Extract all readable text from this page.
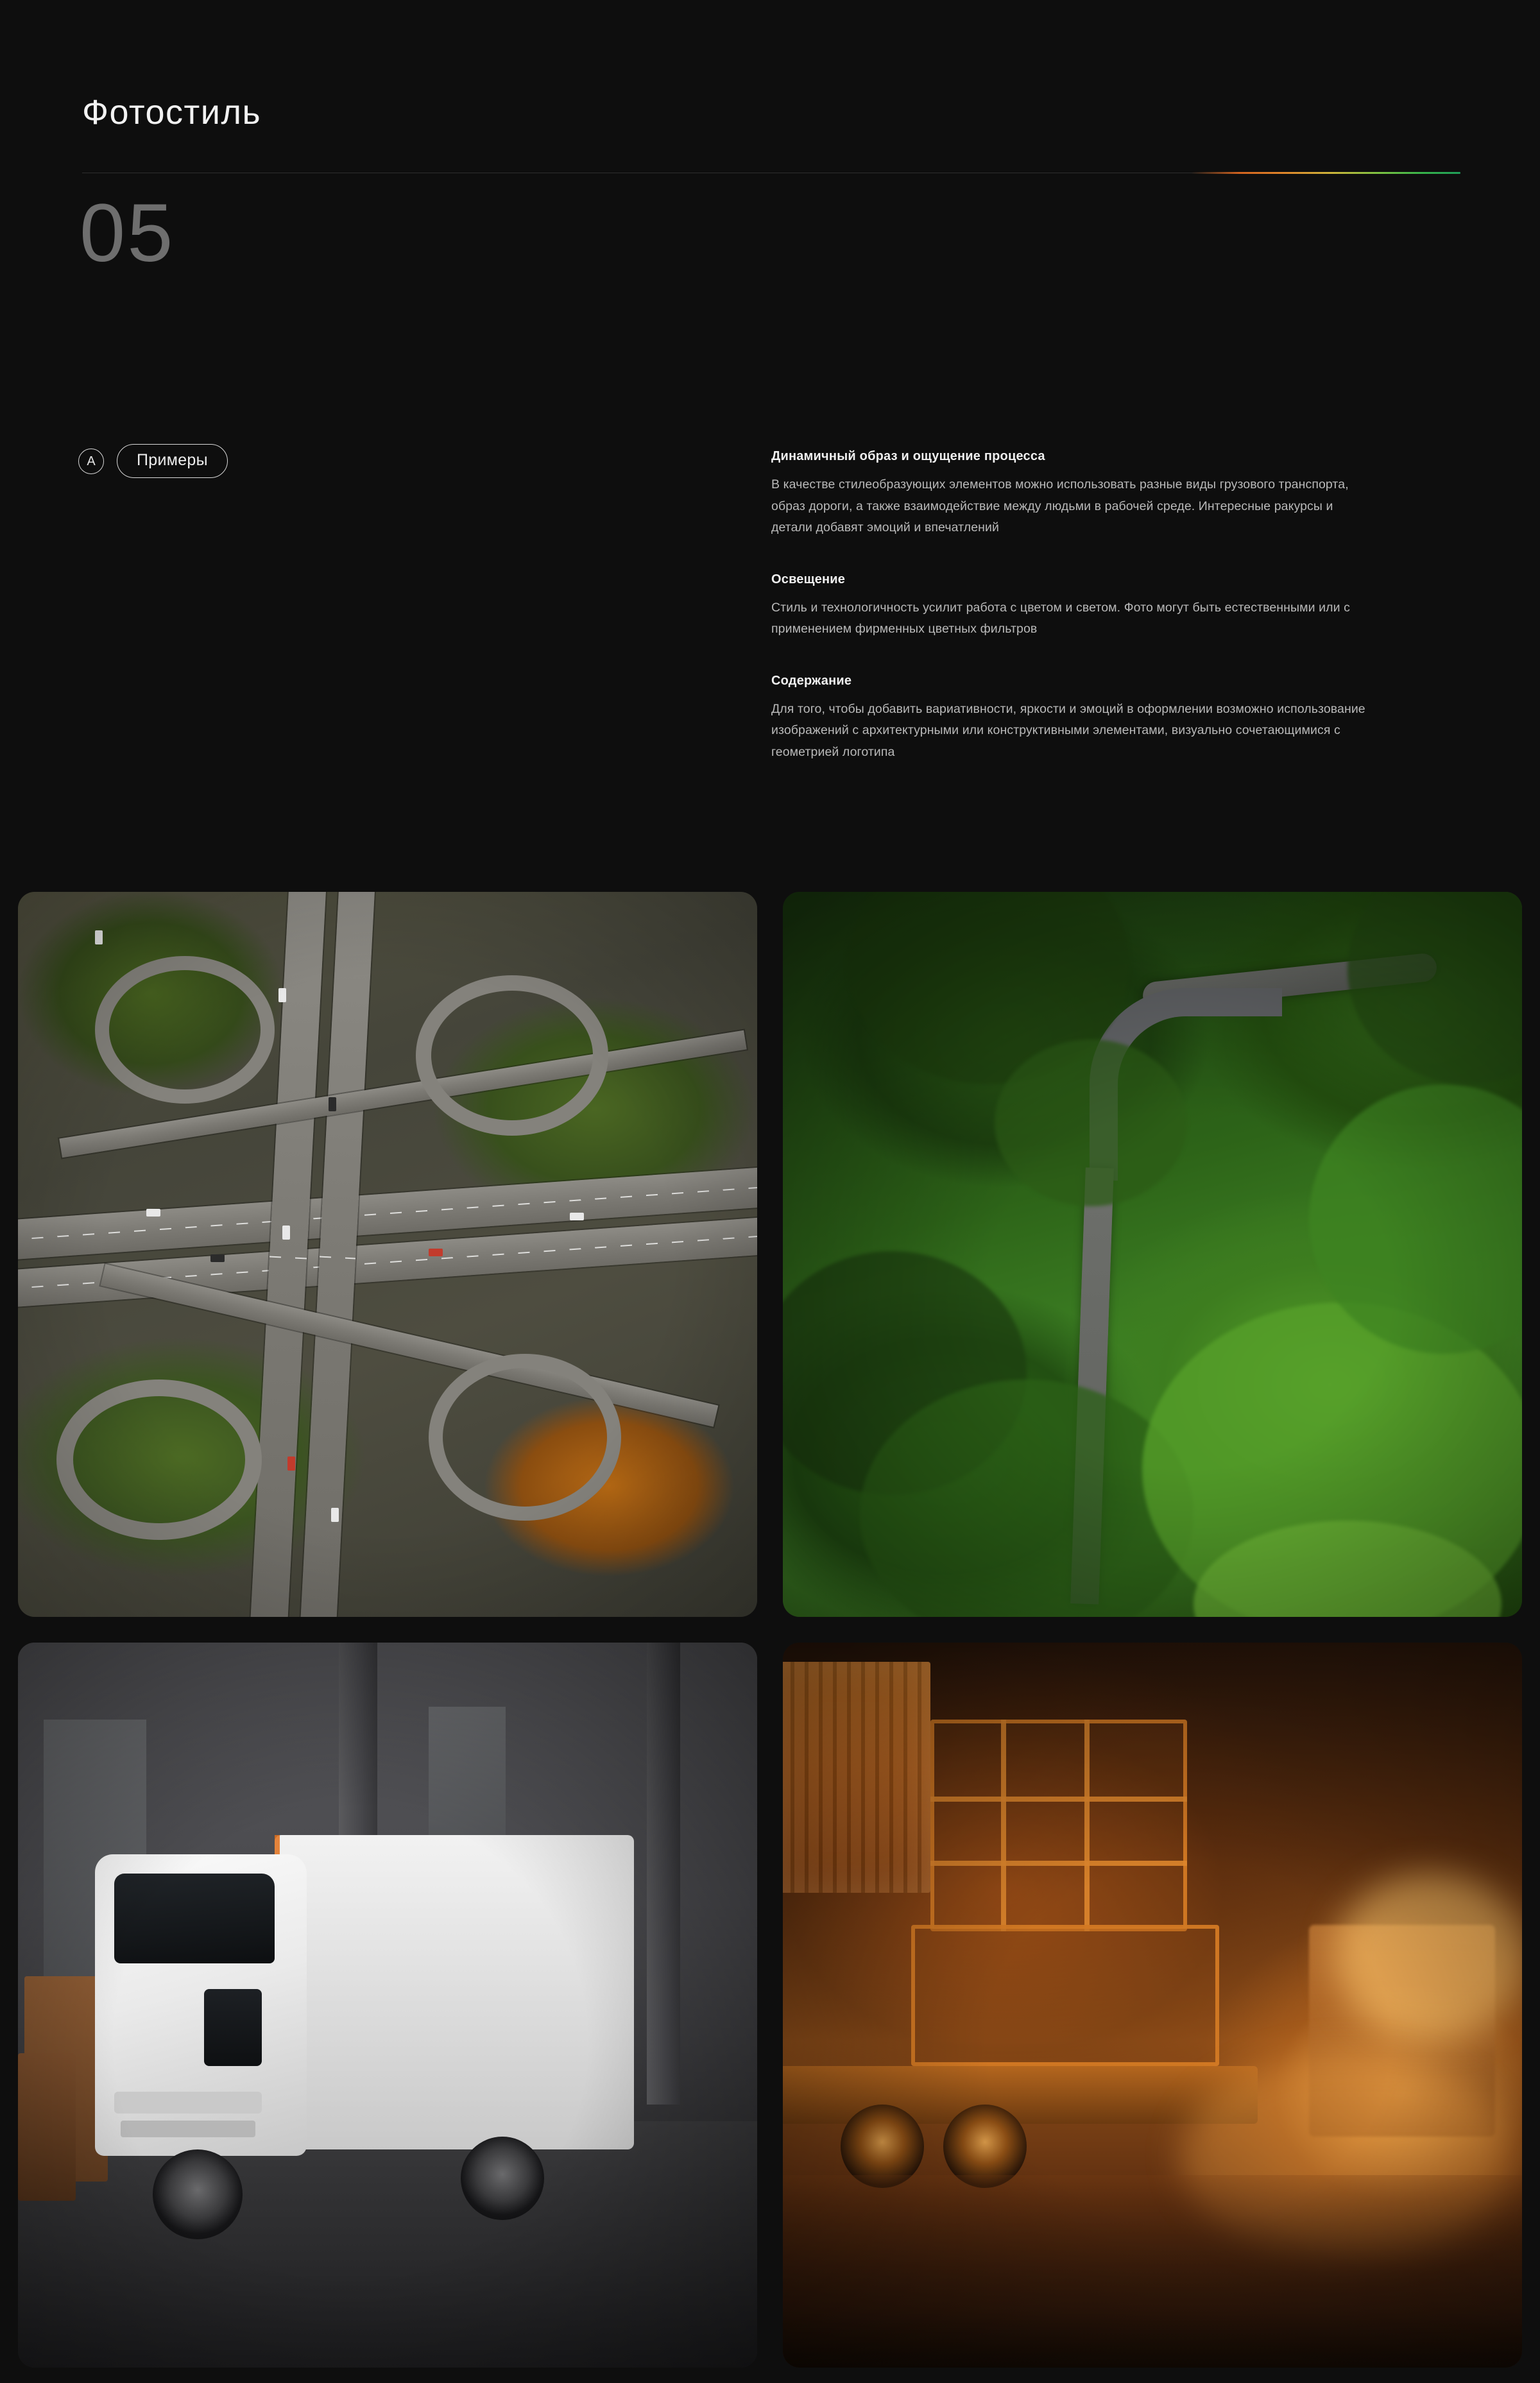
Фотостиль
05
A	Примеры	Динамичный образ и ощущение процесса
В качестве стилеобразующих элементов можно использовать разные виды грузового транспорта, образ дороги, а также взаимодействие между людьми в рабочей среде. Интересные ракурсы и детали добавят эмоций и впечатлений
Освещение
Стиль и технологичность усилит работа с цветом и светом. Фото могут быть естественными или с применением фирменных цветных фильтров
Содержание
Для того, чтобы добавить вариативности, яркости и эмоций в оформлении возможно использование изображений с архитектурными или конструктивными элементами, визуально сочетающимися с геометрией логотипа
